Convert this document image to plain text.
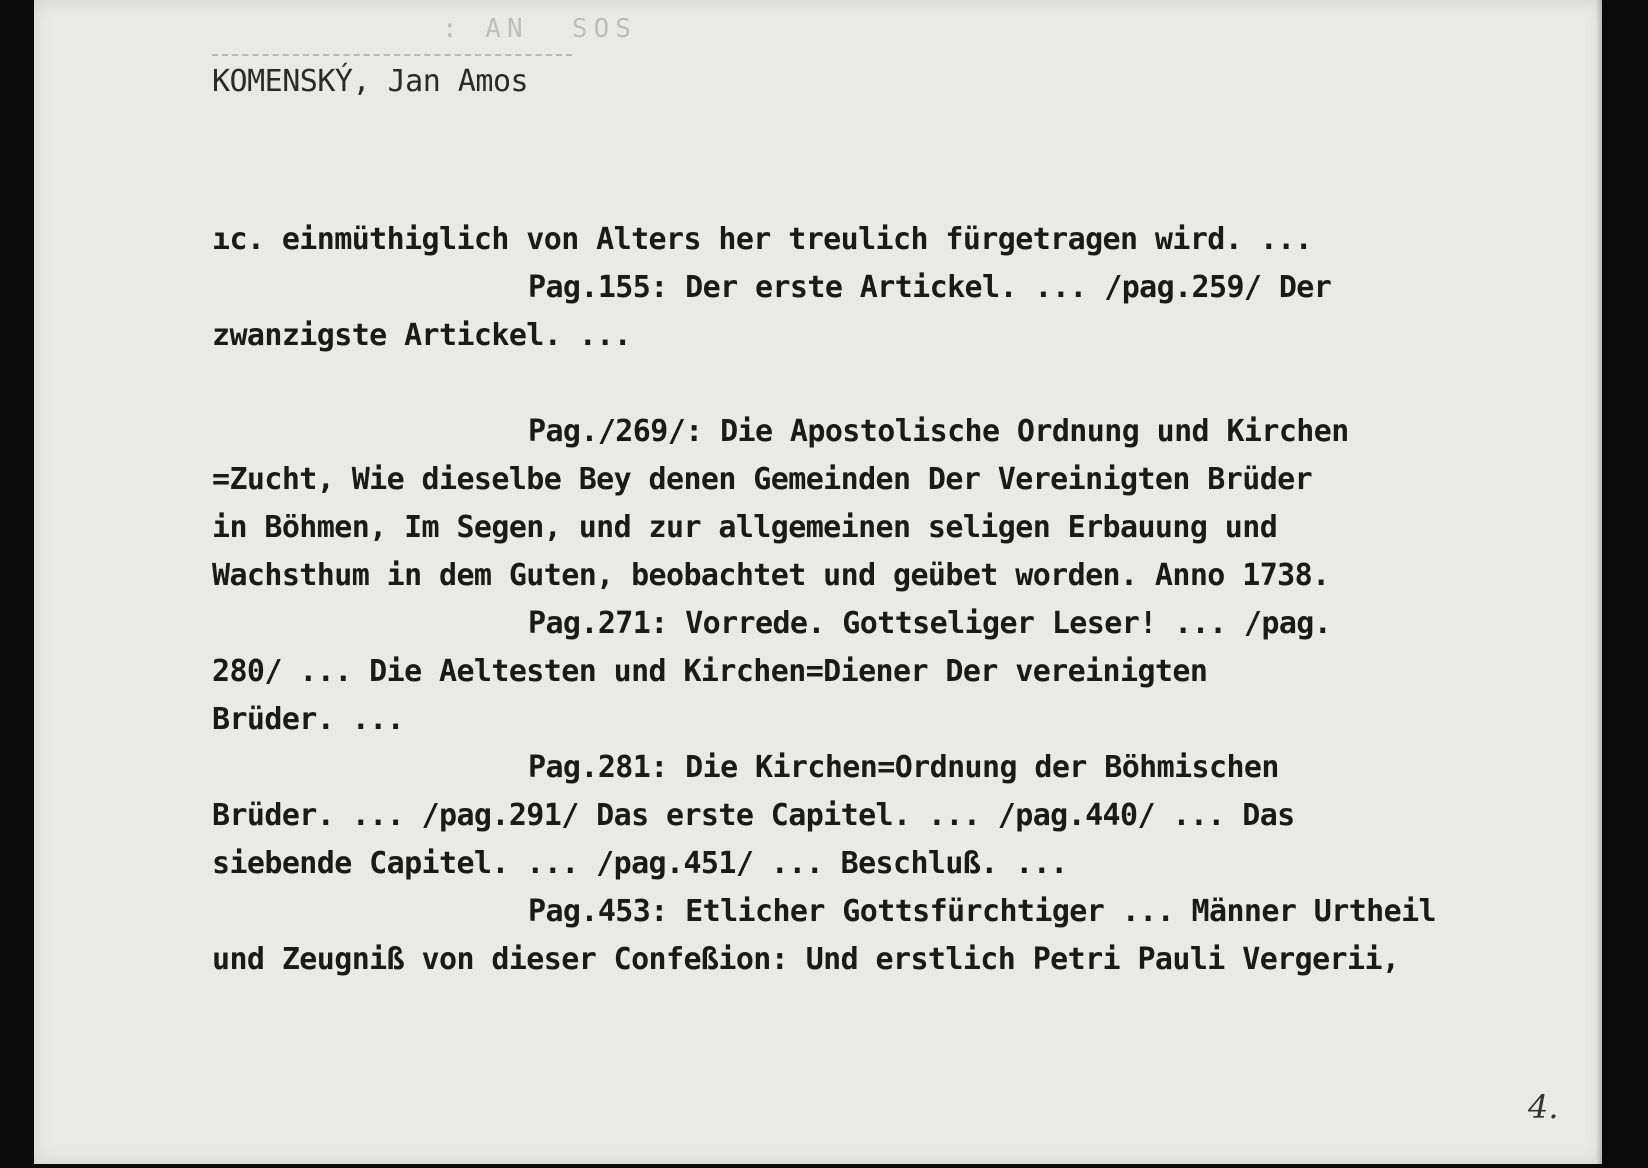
: AN  SOS
KOMENSKÝ, Jan Amos
ıc. einmüthiglich von Alters her treulich fürgetragen wird. ...
Pag.155: Der erste Artickel. ... /pag.259/ Der
zwanzigste Artickel. ...
Pag./269/: Die Apostolische Ordnung und Kirchen
=Zucht, Wie dieselbe Bey denen Gemeinden Der Vereinigten Brüder
in Böhmen, Im Segen, und zur allgemeinen seligen Erbauung und
Wachsthum in dem Guten, beobachtet und geübet worden. Anno 1738.
Pag.271: Vorrede. Gottseliger Leser! ... /pag.
280/ ... Die Aeltesten und Kirchen=Diener Der vereinigten
Brüder. ...
Pag.281: Die Kirchen=Ordnung der Böhmischen
Brüder. ... /pag.291/ Das erste Capitel. ... /pag.440/ ... Das
siebende Capitel. ... /pag.451/ ... Beschluß. ...
Pag.453: Etlicher Gottsfürchtiger ... Männer Urtheil
und Zeugniß von dieser Confeßion: Und erstlich Petri Pauli Vergerii,
4.
